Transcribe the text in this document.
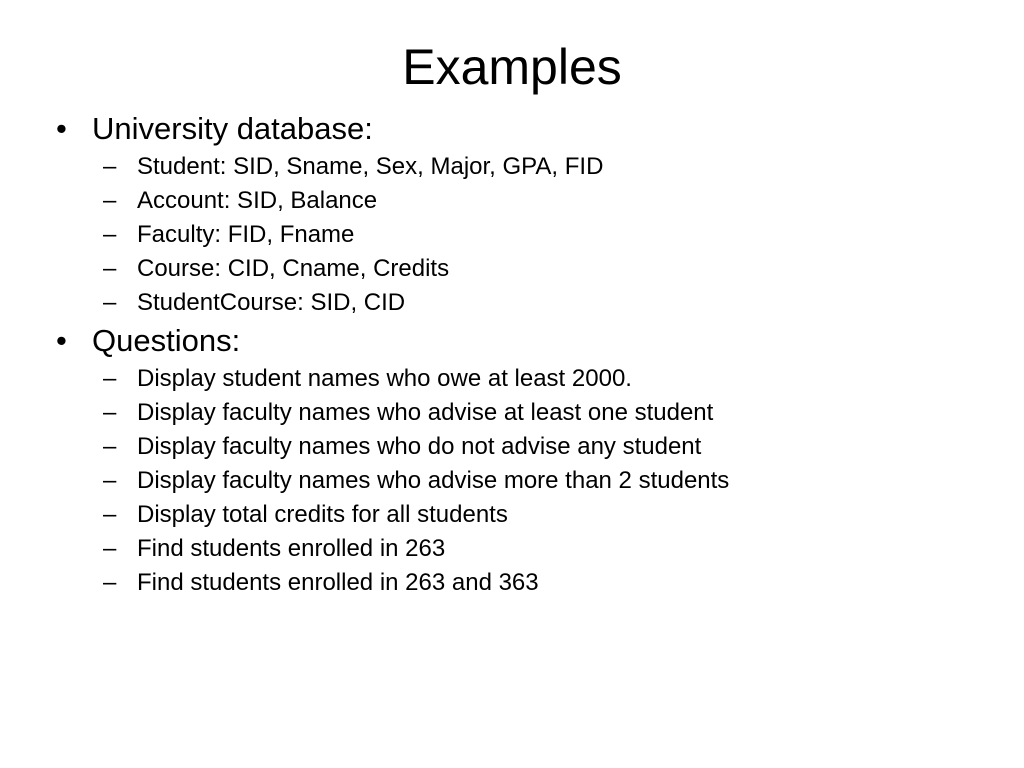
Examples
• University database:
– Student: SID, Sname, Sex, Major, GPA, FID
– Account: SID, Balance
– Faculty: FID, Fname
– Course: CID, Cname, Credits
– StudentCourse: SID, CID
• Questions:
– Display student names who owe at least 2000.
– Display faculty names who advise at least one student
– Display faculty names who do not advise any student
– Display faculty names who advise more than 2 students
– Display total credits for all students
– Find students enrolled in 263
– Find students enrolled in 263 and 363
